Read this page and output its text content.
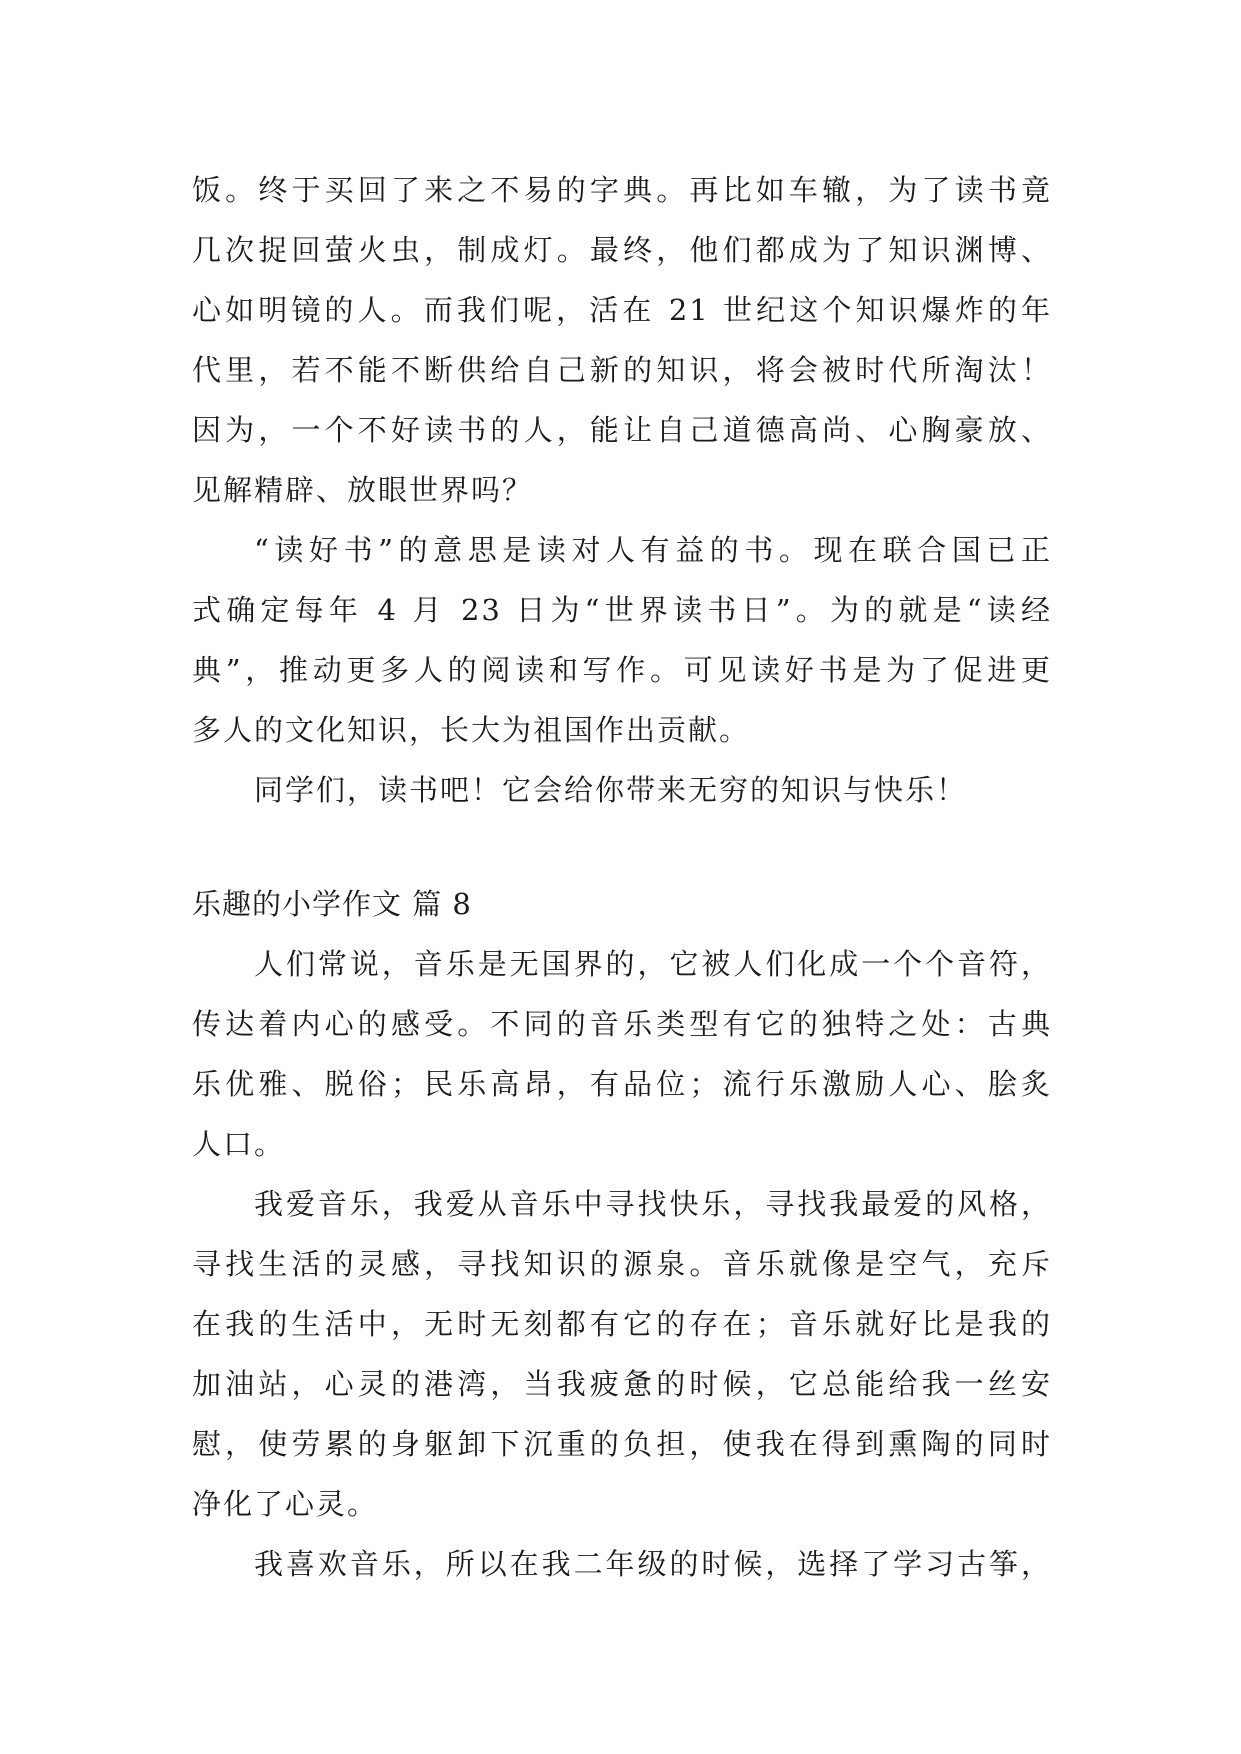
饭。终于买回了来之不易的字典。再比如车辙，为了读书竟
几次捉回萤火虫，制成灯。最终，他们都成为了知识渊博、
心如明镜的人。而我们呢，活在 21 世纪这个知识爆炸的年
代里，若不能不断供给自己新的知识，将会被时代所淘汰！
因为，一个不好读书的人，能让自己道德高尚、心胸豪放、
见解精辟、放眼世界吗？
“读好书”的意思是读对人有益的书。现在联合国已正
式确定每年 4 月 23 日为“世界读书日”。为的就是“读经
典”，推动更多人的阅读和写作。可见读好书是为了促进更
多人的文化知识，长大为祖国作出贡献。
同学们，读书吧！它会给你带来无穷的知识与快乐！
乐趣的小学作文 篇 8
人们常说，音乐是无国界的，它被人们化成一个个音符，
传达着内心的感受。不同的音乐类型有它的独特之处：古典
乐优雅、脱俗；民乐高昂，有品位；流行乐激励人心、脍炙
人口。
我爱音乐，我爱从音乐中寻找快乐，寻找我最爱的风格，
寻找生活的灵感，寻找知识的源泉。音乐就像是空气，充斥
在我的生活中，无时无刻都有它的存在；音乐就好比是我的
加油站，心灵的港湾，当我疲惫的时候，它总能给我一丝安
慰，使劳累的身躯卸下沉重的负担，使我在得到熏陶的同时
净化了心灵。
我喜欢音乐，所以在我二年级的时候，选择了学习古筝，
